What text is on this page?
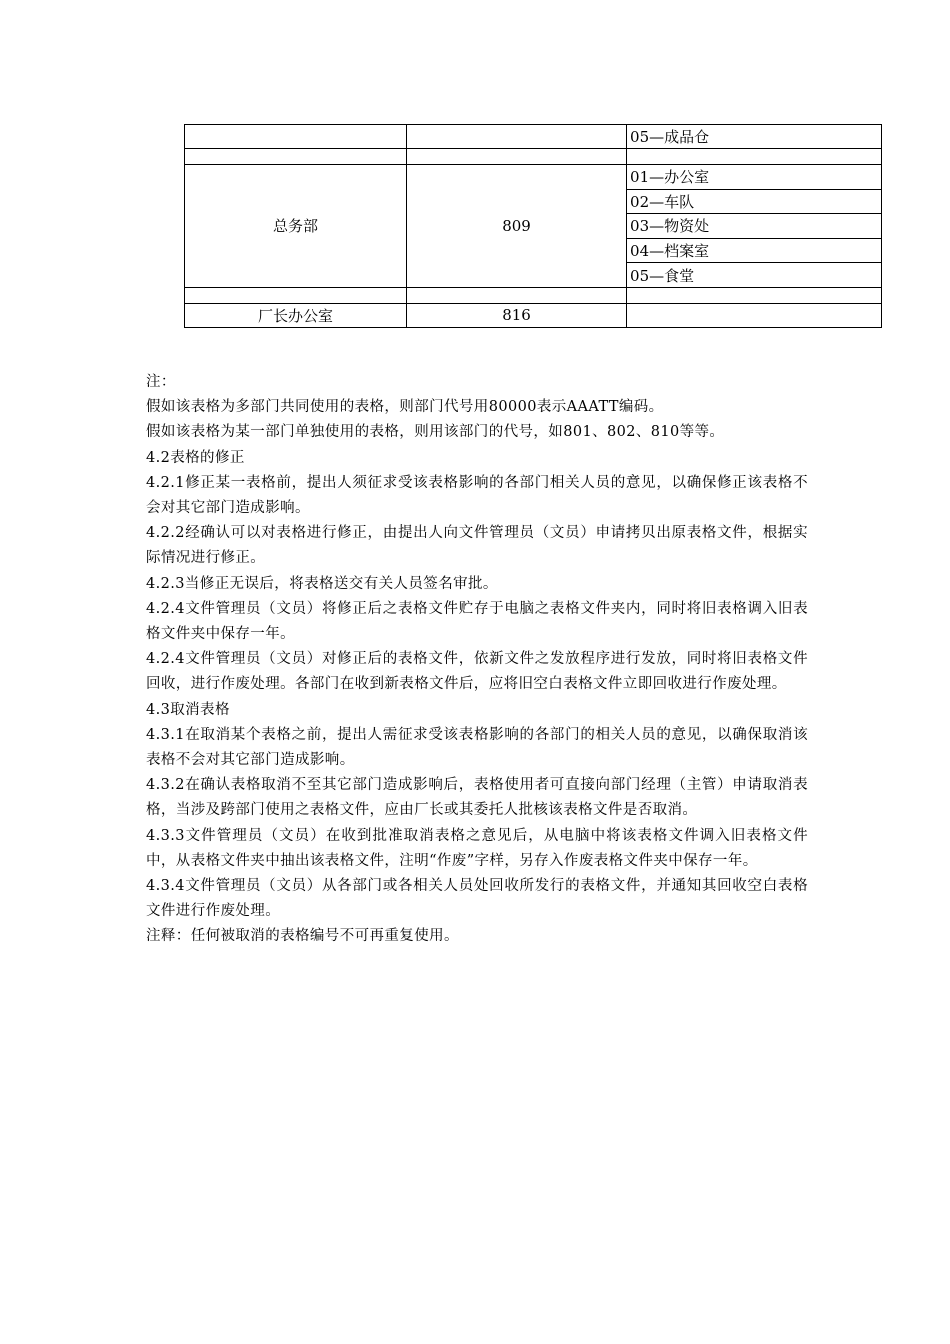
		05—成品仓

总务部	809	01—办公室
		02—车队
		03—物资处
		04—档案室
		05—食堂

厂长办公室	816	

注：

假如该表格为多部门共同使用的表格，则部门代号用80000表示AAATT编码。

假如该表格为某一部门单独使用的表格，则用该部门的代号，如801、802、810等等。

4.2表格的修正

4.2.1修正某一表格前，提出人须征求受该表格影响的各部门相关人员的意见，以确保修正该表格不会对其它部门造成影响。

4.2.2经确认可以对表格进行修正，由提出人向文件管理员（文员）申请拷贝出原表格文件，根据实际情况进行修正。

4.2.3当修正无误后，将表格送交有关人员签名审批。

4.2.4文件管理员（文员）将修正后之表格文件贮存于电脑之表格文件夹内，同时将旧表格调入旧表格文件夹中保存一年。

4.2.4文件管理员（文员）对修正后的表格文件，依新文件之发放程序进行发放，同时将旧表格文件回收，进行作废处理。各部门在收到新表格文件后，应将旧空白表格文件立即回收进行作废处理。

4.3取消表格

4.3.1在取消某个表格之前，提出人需征求受该表格影响的各部门的相关人员的意见，以确保取消该表格不会对其它部门造成影响。

4.3.2在确认表格取消不至其它部门造成影响后，表格使用者可直接向部门经理（主管）申请取消表格，当涉及跨部门使用之表格文件，应由厂长或其委托人批核该表格文件是否取消。

4.3.3文件管理员（文员）在收到批准取消表格之意见后，从电脑中将该表格文件调入旧表格文件中，从表格文件夹中抽出该表格文件，注明“作废”字样，另存入作废表格文件夹中保存一年。

4.3.4文件管理员（文员）从各部门或各相关人员处回收所发行的表格文件，并通知其回收空白表格文件进行作废处理。

注释：任何被取消的表格编号不可再重复使用。
